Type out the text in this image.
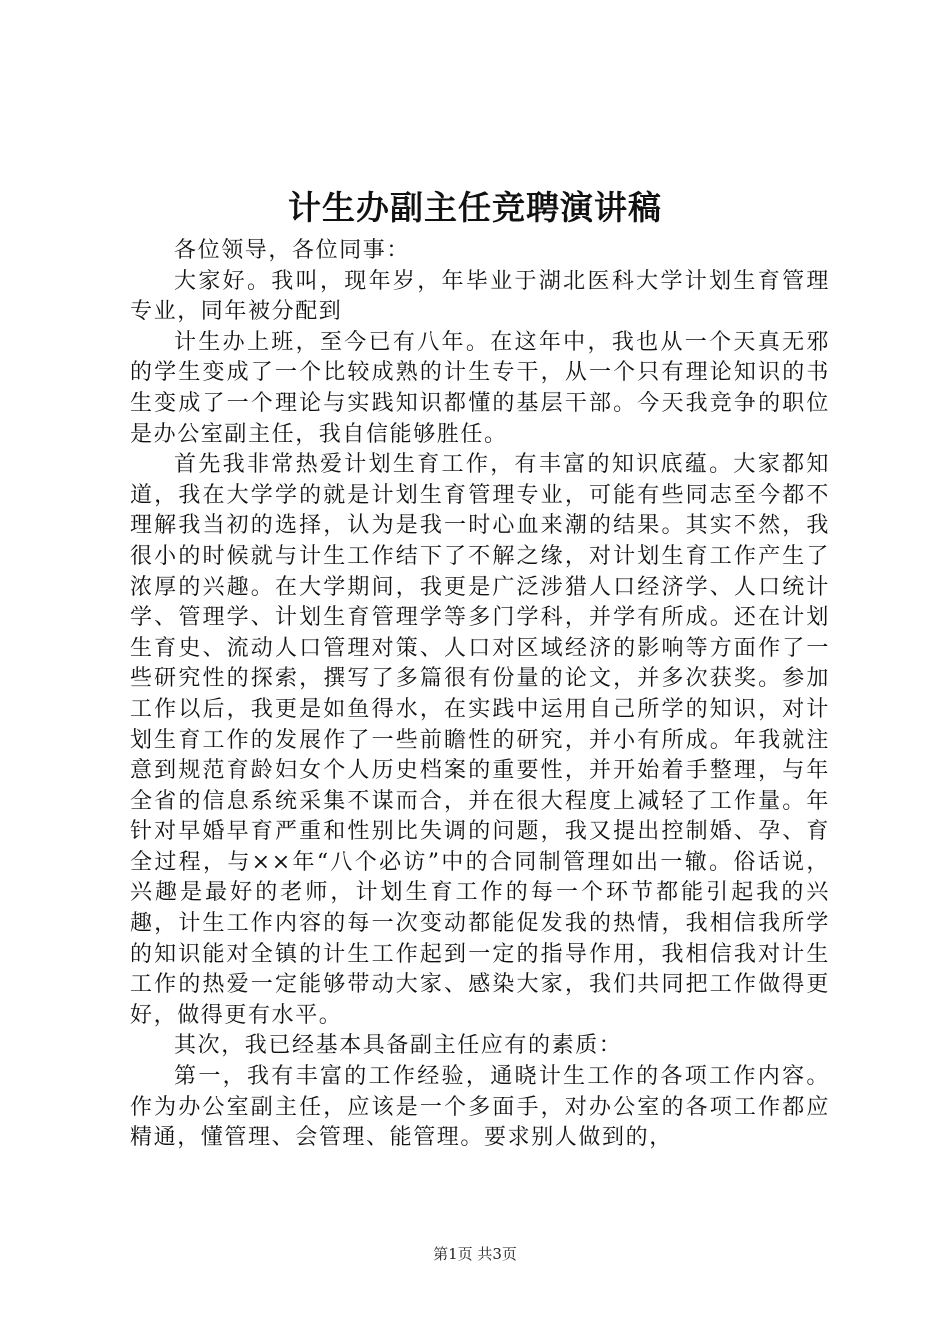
计生办副主任竞聘演讲稿

各位领导，各位同事：

大家好。我叫，现年岁，年毕业于湖北医科大学计划生育管理专业，同年被分配到

计生办上班，至今已有八年。在这年中，我也从一个天真无邪的学生变成了一个比较成熟的计生专干，从一个只有理论知识的书生变成了一个理论与实践知识都懂的基层干部。今天我竞争的职位是办公室副主任，我自信能够胜任。

首先我非常热爱计划生育工作，有丰富的知识底蕴。大家都知道，我在大学学的就是计划生育管理专业，可能有些同志至今都不理解我当初的选择，认为是我一时心血来潮的结果。其实不然，我很小的时候就与计生工作结下了不解之缘，对计划生育工作产生了浓厚的兴趣。在大学期间，我更是广泛涉猎人口经济学、人口统计学、管理学、计划生育管理学等多门学科，并学有所成。还在计划生育史、流动人口管理对策、人口对区域经济的影响等方面作了一些研究性的探索，撰写了多篇很有份量的论文，并多次获奖。参加工作以后，我更是如鱼得水，在实践中运用自己所学的知识，对计划生育工作的发展作了一些前瞻性的研究，并小有所成。年我就注意到规范育龄妇女个人历史档案的重要性，并开始着手整理，与年全省的信息系统采集不谋而合，并在很大程度上减轻了工作量。年针对早婚早育严重和性别比失调的问题，我又提出控制婚、孕、育全过程，与××年“八个必访”中的合同制管理如出一辙。俗话说，兴趣是最好的老师，计划生育工作的每一个环节都能引起我的兴趣，计生工作内容的每一次变动都能促发我的热情，我相信我所学的知识能对全镇的计生工作起到一定的指导作用，我相信我对计生工作的热爱一定能够带动大家、感染大家，我们共同把工作做得更好，做得更有水平。

其次，我已经基本具备副主任应有的素质：

第一，我有丰富的工作经验，通晓计生工作的各项工作内容。作为办公室副主任，应该是一个多面手，对办公室的各项工作都应精通，懂管理、会管理、能管理。要求别人做到的，

第1页 共3页
